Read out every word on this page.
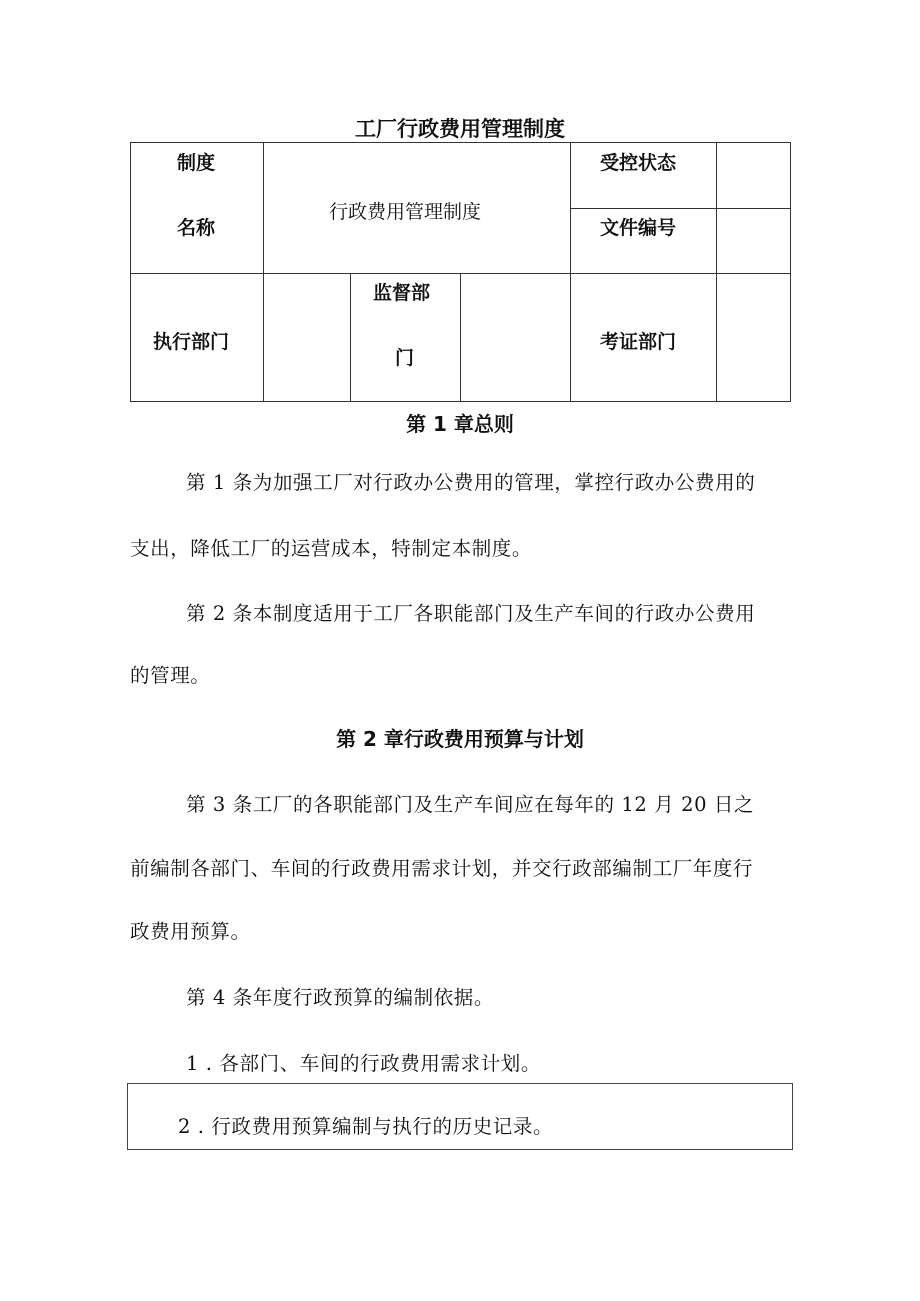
工厂行政费用管理制度
制度
名称
行政费用管理制度
受控状态
文件编号
执行部门
监督部
门
考证部门
第 1 章总则
第 1 条为加强工厂对行政办公费用的管理，掌控行政办公费用的
支出，降低工厂的运营成本，特制定本制度。
第 2 条本制度适用于工厂各职能部门及生产车间的行政办公费用
的管理。
第 2 章行政费用预算与计划
第 3 条工厂的各职能部门及生产车间应在每年的 12 月 20 日之
前编制各部门、车间的行政费用需求计划，并交行政部编制工厂年度行
政费用预算。
第 4 条年度行政预算的编制依据。
1 . 各部门、车间的行政费用需求计划。
2 . 行政费用预算编制与执行的历史记录。
